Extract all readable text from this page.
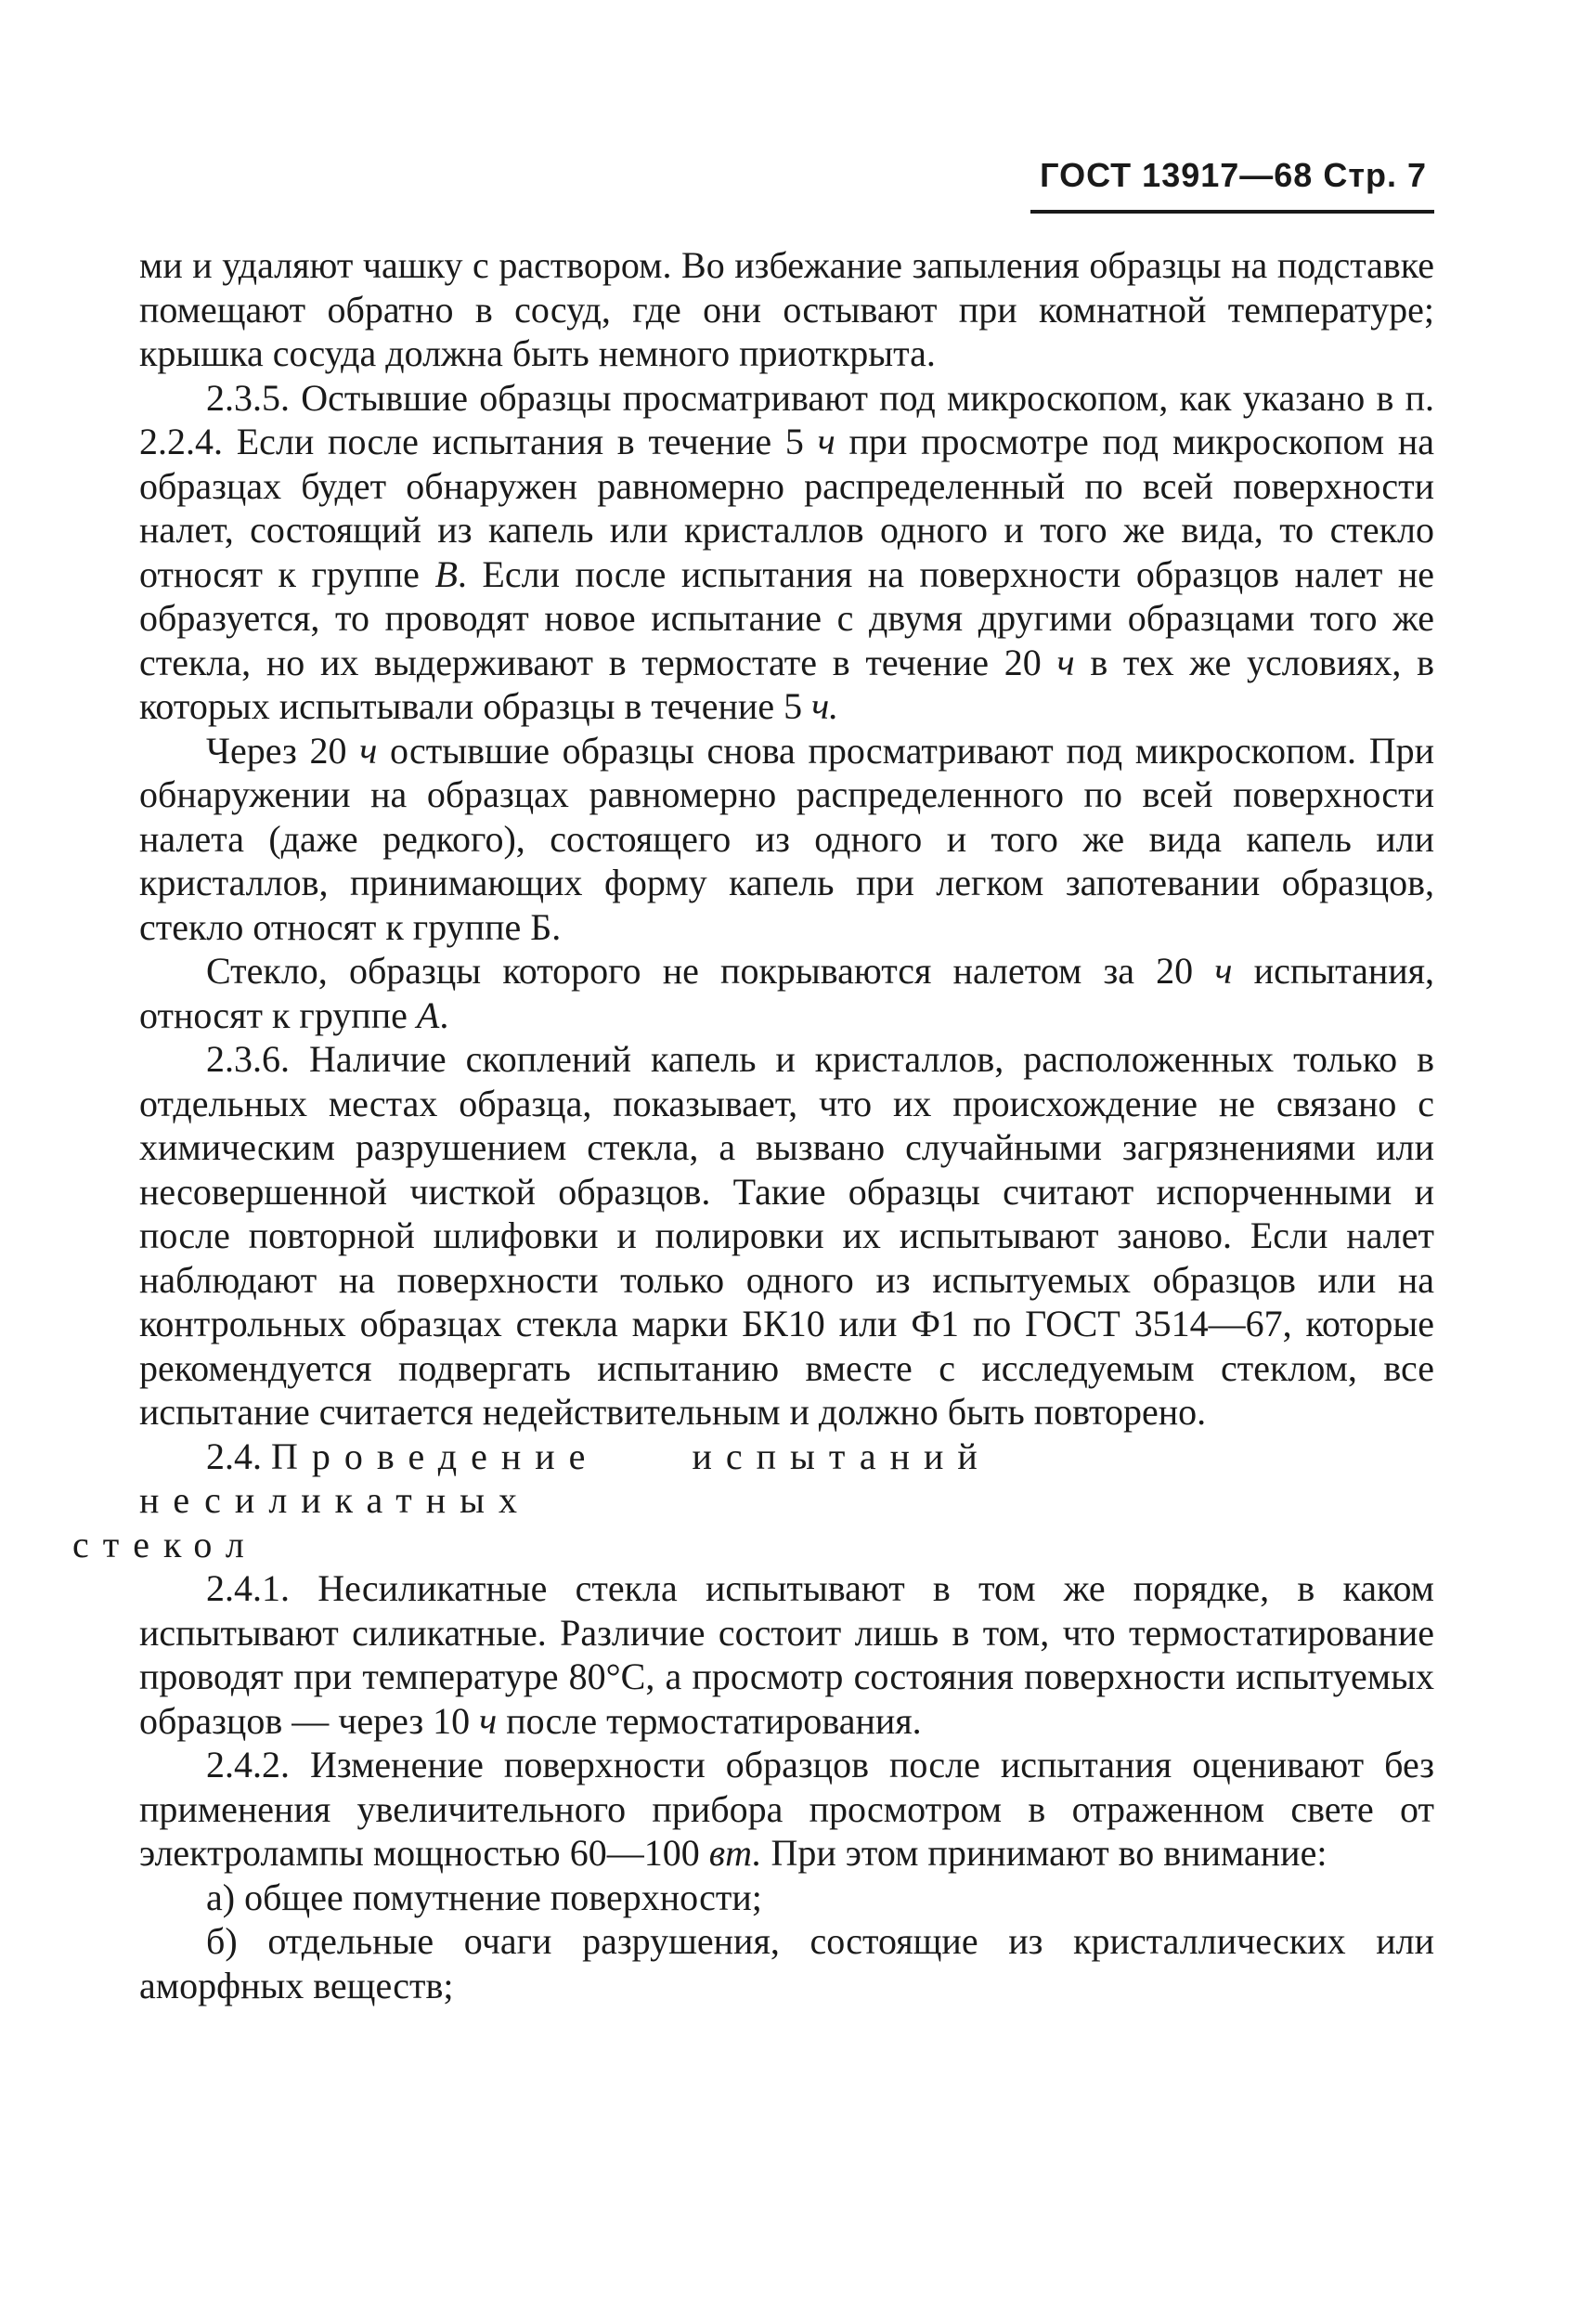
ГОСТ 13917—68 Стр. 7

ми и удаляют чашку с раствором. Во избежание запыления образцы на подставке помещают обратно в сосуд, где они остывают при комнатной температуре; крышка сосуда должна быть немного приоткрыта.

2.3.5. Остывшие образцы просматривают под микроскопом, как указано в п. 2.2.4. Если после испытания в течение 5 ч при просмотре под микроскопом на образцах будет обнаружен равномерно распределенный по всей поверхности налет, состоящий из капель или кристаллов одного и того же вида, то стекло относят к группе В. Если после испытания на поверхности образцов налет не образуется, то проводят новое испытание с двумя другими образцами того же стекла, но их выдерживают в термостате в течение 20 ч в тех же условиях, в которых испытывали образцы в течение 5 ч.

Через 20 ч остывшие образцы снова просматривают под микроскопом. При обнаружении на образцах равномерно распределенного по всей поверхности налета (даже редкого), состоящего из одного и того же вида капель или кристаллов, принимающих форму капель при легком запотевании образцов, стекло относят к группе Б.

Стекло, образцы которого не покрываются налетом за 20 ч испытания, относят к группе А.

2.3.6. Наличие скоплений капель и кристаллов, расположенных только в отдельных местах образца, показывает, что их происхождение не связано с химическим разрушением стекла, а вызвано случайными загрязнениями или несовершенной чисткой образцов. Такие образцы считают испорченными и после повторной шлифовки и полировки их испытывают заново. Если налет наблюдают на поверхности только одного из испытуемых образцов или на контрольных образцах стекла марки БК10 или Ф1 по ГОСТ 3514—67, которые рекомендуется подвергать испытанию вместе с исследуемым стеклом, все испытание считается недействительным и должно быть повторено.

2.4. Проведение	испытанийнесиликатных
стекол

2.4.1. Несиликатные стекла испытывают в том же порядке, в каком испытывают силикатные. Различие состоит лишь в том, что термостатирование проводят при температуре 80°С, а просмотр состояния поверхности испытуемых образцов — через 10 ч после термостатирования.

2.4.2. Изменение поверхности образцов после испытания оценивают без применения увеличительного прибора просмотром в отраженном свете от электролампы мощностью 60—100 вт. При этом принимают во внимание:

а) общее помутнение поверхности;

б) отдельные очаги разрушения, состоящие из кристаллических или аморфных веществ;
